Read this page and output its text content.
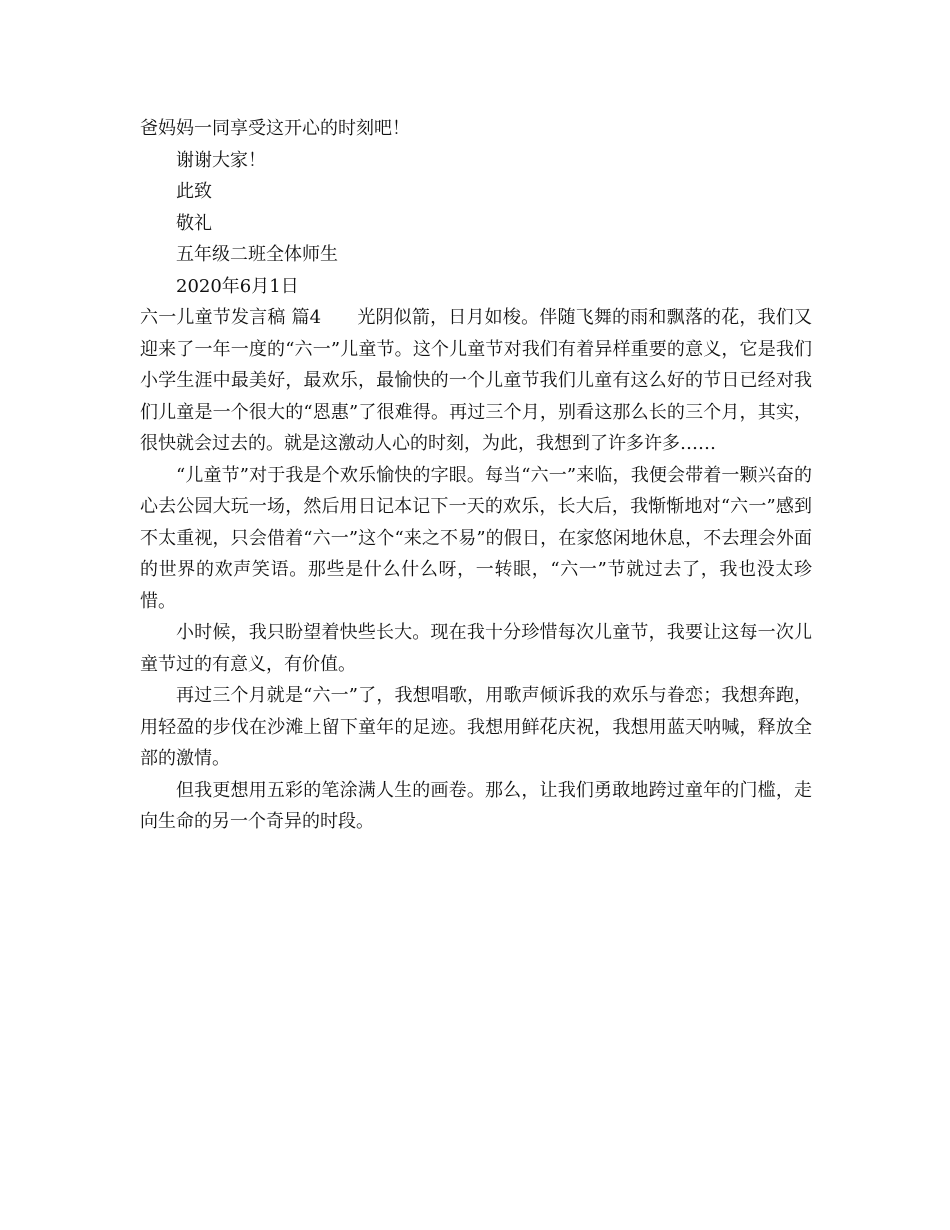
爸妈妈一同享受这开心的时刻吧！

谢谢大家！

此致

敬礼

五年级二班全体师生

2020年6月1日

六一儿童节发言稿 篇4 光阴似箭，日月如梭。伴随飞舞的雨和飘落的花，我们又迎来了一年一度的“六一”儿童节。这个儿童节对我们有着异样重要的意义，它是我们小学生涯中最美好，最欢乐，最愉快的一个儿童节我们儿童有这么好的节日已经对我们儿童是一个很大的“恩惠”了很难得。再过三个月，别看这那么长的三个月，其实，很快就会过去的。就是这激动人心的时刻，为此，我想到了许多许多……

“儿童节”对于我是个欢乐愉快的字眼。每当“六一”来临，我便会带着一颗兴奋的心去公园大玩一场，然后用日记本记下一天的欢乐，长大后，我惭惭地对“六一”感到不太重视，只会借着“六一”这个“来之不易”的假日，在家悠闲地休息，不去理会外面的世界的欢声笑语。那些是什么什么呀，一转眼，“六一”节就过去了，我也没太珍惜。

小时候，我只盼望着快些长大。现在我十分珍惜每次儿童节，我要让这每一次儿童节过的有意义，有价值。

再过三个月就是“六一”了，我想唱歌，用歌声倾诉我的欢乐与眷恋；我想奔跑，用轻盈的步伐在沙滩上留下童年的足迹。我想用鲜花庆祝，我想用蓝天呐喊，释放全部的激情。

但我更想用五彩的笔涂满人生的画卷。那么，让我们勇敢地跨过童年的门槛，走向生命的另一个奇异的时段。
